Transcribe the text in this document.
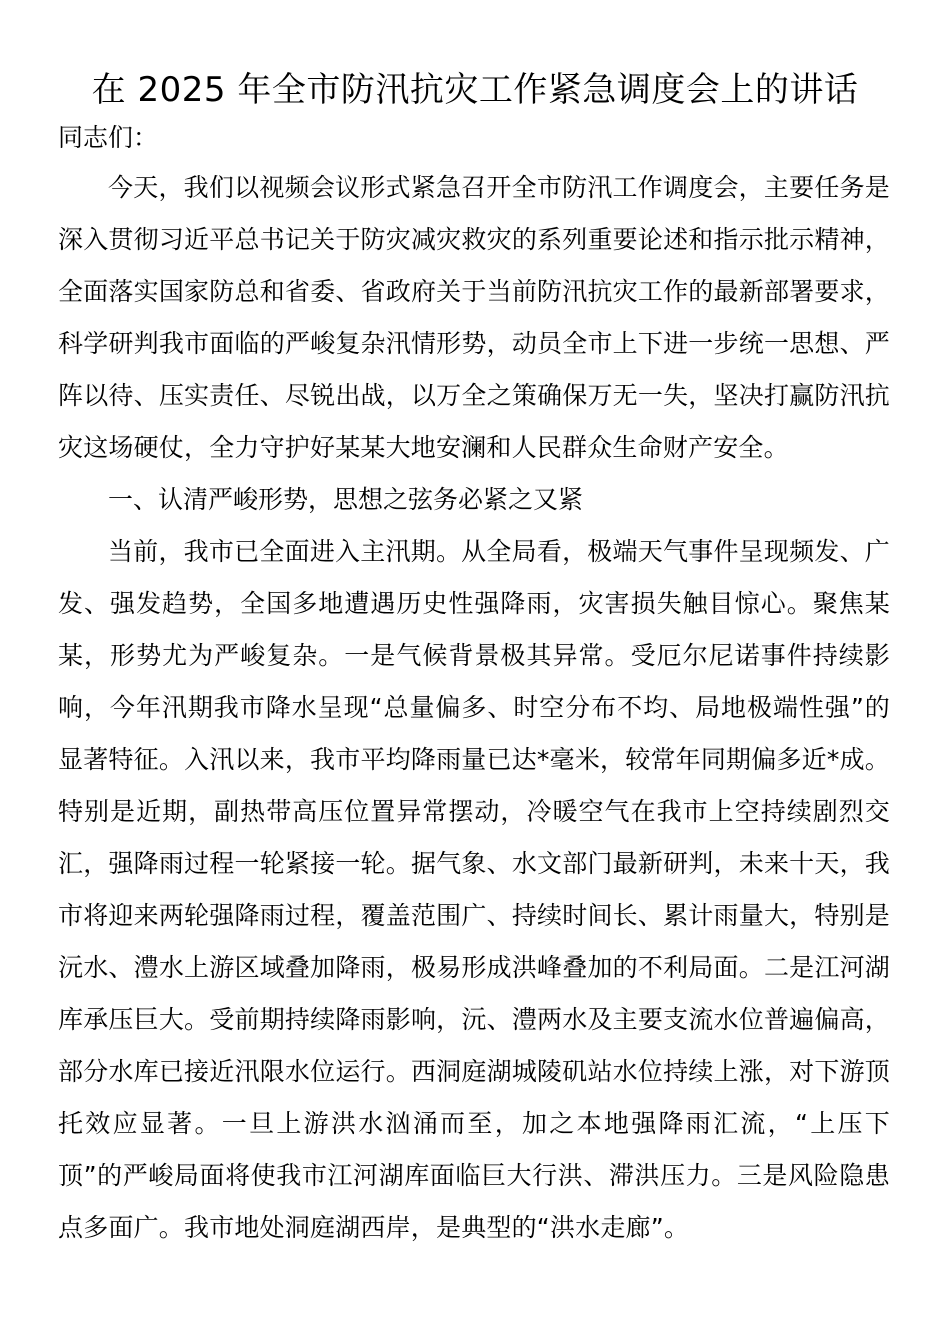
在 2025 年全市防汛抗灾工作紧急调度会上的讲话

同志们：

今天，我们以视频会议形式紧急召开全市防汛工作调度会，主要任务是深入贯彻习近平总书记关于防灾减灾救灾的系列重要论述和指示批示精神，全面落实国家防总和省委、省政府关于当前防汛抗灾工作的最新部署要求，科学研判我市面临的严峻复杂汛情形势，动员全市上下进一步统一思想、严阵以待、压实责任、尽锐出战，以万全之策确保万无一失，坚决打赢防汛抗灾这场硬仗，全力守护好某某大地安澜和人民群众生命财产安全。

一、认清严峻形势，思想之弦务必紧之又紧

当前，我市已全面进入主汛期。从全局看，极端天气事件呈现频发、广发、强发趋势，全国多地遭遇历史性强降雨，灾害损失触目惊心。聚焦某某，形势尤为严峻复杂。一是气候背景极其异常。受厄尔尼诺事件持续影响，今年汛期我市降水呈现“总量偏多、时空分布不均、局地极端性强”的显著特征。入汛以来，我市平均降雨量已达*毫米，较常年同期偏多近*成。特别是近期，副热带高压位置异常摆动，冷暖空气在我市上空持续剧烈交汇，强降雨过程一轮紧接一轮。据气象、水文部门最新研判，未来十天，我市将迎来两轮强降雨过程，覆盖范围广、持续时间长、累计雨量大，特别是沅水、澧水上游区域叠加降雨，极易形成洪峰叠加的不利局面。二是江河湖库承压巨大。受前期持续降雨影响，沅、澧两水及主要支流水位普遍偏高，部分水库已接近汛限水位运行。西洞庭湖城陵矶站水位持续上涨，对下游顶托效应显著。一旦上游洪水汹涌而至，加之本地强降雨汇流，“上压下顶”的严峻局面将使我市江河湖库面临巨大行洪、滞洪压力。三是风险隐患点多面广。我市地处洞庭湖西岸，是典型的“洪水走廊”。
